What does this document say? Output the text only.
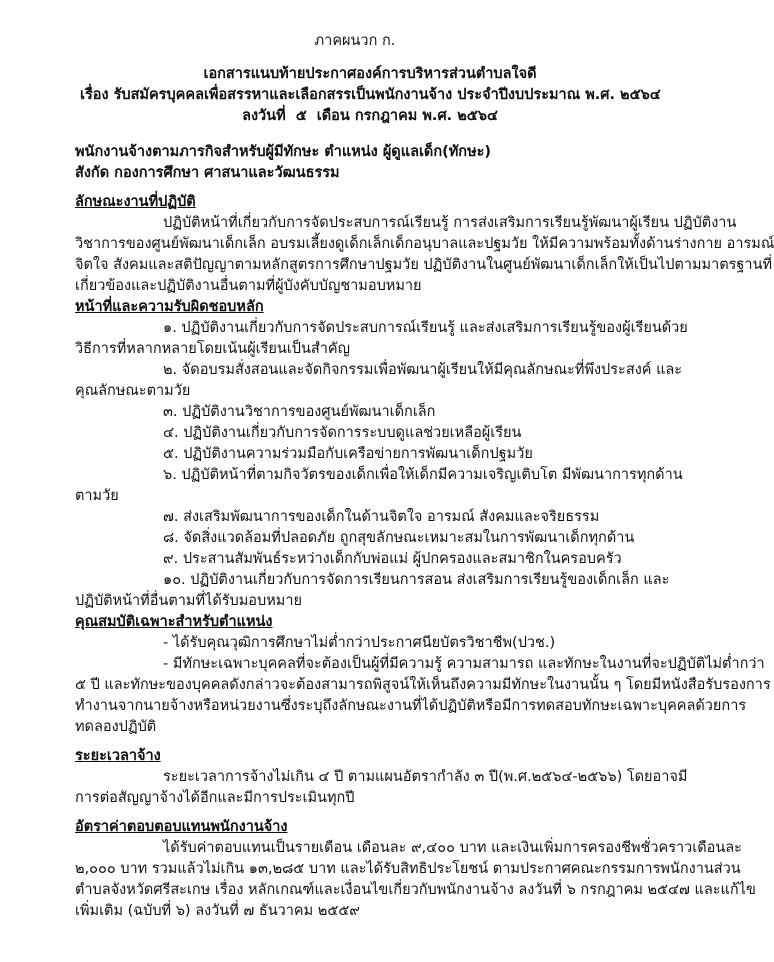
ภาคผนวก ก.
เอกสารแนบท้ายประกาศองค์การบริหารส่วนตำบลใจดี
เรื่อง รับสมัครบุคคลเพื่อสรรหาและเลือกสรรเป็นพนักงานจ้าง ประจำปีงบประมาณ พ.ศ. ๒๕๖๔
ลงวันที่  ๕  เดือน กรกฎาคม พ.ศ. ๒๕๖๔
พนักงานจ้างตามภารกิจสำหรับผู้มีทักษะ ตำแหน่ง ผู้ดูแลเด็ก(ทักษะ)
สังกัด กองการศึกษา ศาสนาและวัฒนธรรม
ลักษณะงานที่ปฏิบัติ
ปฏิบัติหน้าที่เกี่ยวกับการจัดประสบการณ์เรียนรู้ การส่งเสริมการเรียนรู้พัฒนาผู้เรียน ปฏิบัติงาน
วิชาการของศูนย์พัฒนาเด็กเล็ก อบรมเลี้ยงดูเด็กเล็กเด็กอนุบาลและปฐมวัย ให้มีความพร้อมทั้งด้านร่างกาย อารมณ์
จิตใจ สังคมและสติปัญญาตามหลักสูตรการศึกษาปฐมวัย ปฏิบัติงานในศูนย์พัฒนาเด็กเล็กให้เป็นไปตามมาตรฐานที่
เกี่ยวข้องและปฏิบัติงานอื่นตามที่ผู้บังคับบัญชามอบหมาย
หน้าที่และความรับผิดชอบหลัก
๑. ปฏิบัติงานเกี่ยวกับการจัดประสบการณ์เรียนรู้ และส่งเสริมการเรียนรู้ของผู้เรียนด้วย
วิธีการที่หลากหลายโดยเน้นผู้เรียนเป็นสำคัญ
๒. จัดอบรมสั่งสอนและจัดกิจกรรมเพื่อพัฒนาผู้เรียนให้มีคุณลักษณะที่พึงประสงค์ และ
คุณลักษณะตามวัย
๓. ปฏิบัติงานวิชาการของศูนย์พัฒนาเด็กเล็ก
๔. ปฏิบัติงานเกี่ยวกับการจัดการระบบดูแลช่วยเหลือผู้เรียน
๕. ปฏิบัติงานความร่วมมือกับเครือข่ายการพัฒนาเด็กปฐมวัย
๖. ปฏิบัติหน้าที่ตามกิจวัตรของเด็กเพื่อให้เด็กมีความเจริญเติบโต มีพัฒนาการทุกด้าน
ตามวัย
๗. ส่งเสริมพัฒนาการของเด็กในด้านจิตใจ อารมณ์ สังคมและจริยธรรม
๘. จัดสิ่งแวดล้อมที่ปลอดภัย ถูกสุขลักษณะเหมาะสมในการพัฒนาเด็กทุกด้าน
๙. ประสานสัมพันธ์ระหว่างเด็กกับพ่อแม่ ผู้ปกครองและสมาชิกในครอบครัว
๑๐. ปฏิบัติงานเกี่ยวกับการจัดการเรียนการสอน ส่งเสริมการเรียนรู้ของเด็กเล็ก และ
ปฏิบัติหน้าที่อื่นตามที่ได้รับมอบหมาย
คุณสมบัติเฉพาะสำหรับตำแหน่ง
- ได้รับคุณวุฒิการศึกษาไม่ต่ำกว่าประกาศนียบัตรวิชาชีพ(ปวช.)
- มีทักษะเฉพาะบุคคลที่จะต้องเป็นผู้ที่มีความรู้ ความสามารถ และทักษะในงานที่จะปฏิบัติไม่ต่ำกว่า
๕ ปี และทักษะของบุคคลดังกล่าวจะต้องสามารถพิสูจน์ให้เห็นถึงความมีทักษะในงานนั้น ๆ โดยมีหนังสือรับรองการ
ทำงานจากนายจ้างหรือหน่วยงานซึ่งระบุถึงลักษณะงานที่ได้ปฏิบัติหรือมีการทดสอบทักษะเฉพาะบุคคลด้วยการ
ทดลองปฏิบัติ
ระยะเวลาจ้าง
ระยะเวลาการจ้างไม่เกิน ๔ ปี ตามแผนอัตรากำลัง ๓ ปี(พ.ศ.๒๕๖๔-๒๕๖๖) โดยอาจมี
การต่อสัญญาจ้างได้อีกและมีการประเมินทุกปี
อัตราค่าตอบตอบแทนพนักงานจ้าง
ได้รับค่าตอบแทนเป็นรายเดือน เดือนละ ๙,๔๐๐ บาท และเงินเพิ่มการครองชีพชั่วคราวเดือนละ
๒,๐๐๐ บาท รวมแล้วไม่เกิน ๑๓,๒๘๕ บาท และได้รับสิทธิประโยชน์ ตามประกาศคณะกรรมการพนักงานส่วน
ตำบลจังหวัดศรีสะเกษ เรื่อง หลักเกณฑ์และเงื่อนไขเกี่ยวกับพนักงานจ้าง ลงวันที่ ๖ กรกฎาคม ๒๕๔๗ และแก้ไข
เพิ่มเติม (ฉบับที่ ๖) ลงวันที่ ๗ ธันวาคม ๒๕๕๙
